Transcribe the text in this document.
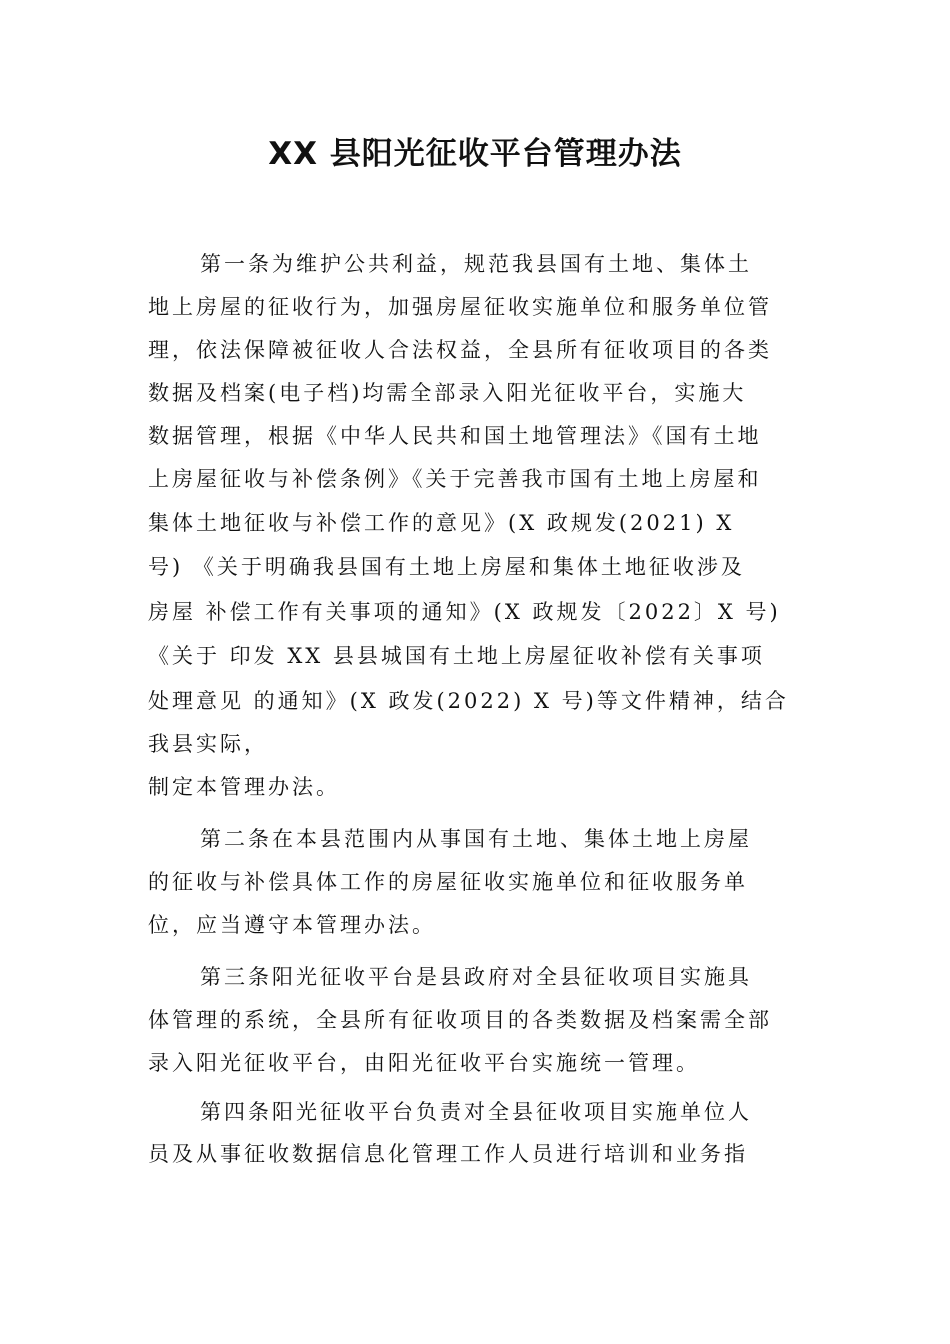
XX 县阳光征收平台管理办法
第一条为维护公共利益，规范我县国有土地、集体土
地上房屋的征收行为，加强房屋征收实施单位和服务单位管
理，依法保障被征收人合法权益，全县所有征收项目的各类
数据及档案(电子档)均需全部录入阳光征收平台，实施大
数据管理，根据《中华人民共和国土地管理法》《国有土地
上房屋征收与补偿条例》《关于完善我市国有土地上房屋和
集体土地征收与补偿工作的意见》(X 政规发(2021) X
号) 《关于明确我县国有土地上房屋和集体土地征收涉及
房屋 补偿工作有关事项的通知》(X 政规发〔2022〕X 号)
《关于 印发 XX 县县城国有土地上房屋征收补偿有关事项
处理意见 的通知》(X 政发(2022) X 号)等文件精神，结合
我县实际，
制定本管理办法。
第二条在本县范围内从事国有土地、集体土地上房屋
的征收与补偿具体工作的房屋征收实施单位和征收服务单
位，应当遵守本管理办法。
第三条阳光征收平台是县政府对全县征收项目实施具
体管理的系统，全县所有征收项目的各类数据及档案需全部
录入阳光征收平台，由阳光征收平台实施统一管理。
第四条阳光征收平台负责对全县征收项目实施单位人
员及从事征收数据信息化管理工作人员进行培训和业务指
